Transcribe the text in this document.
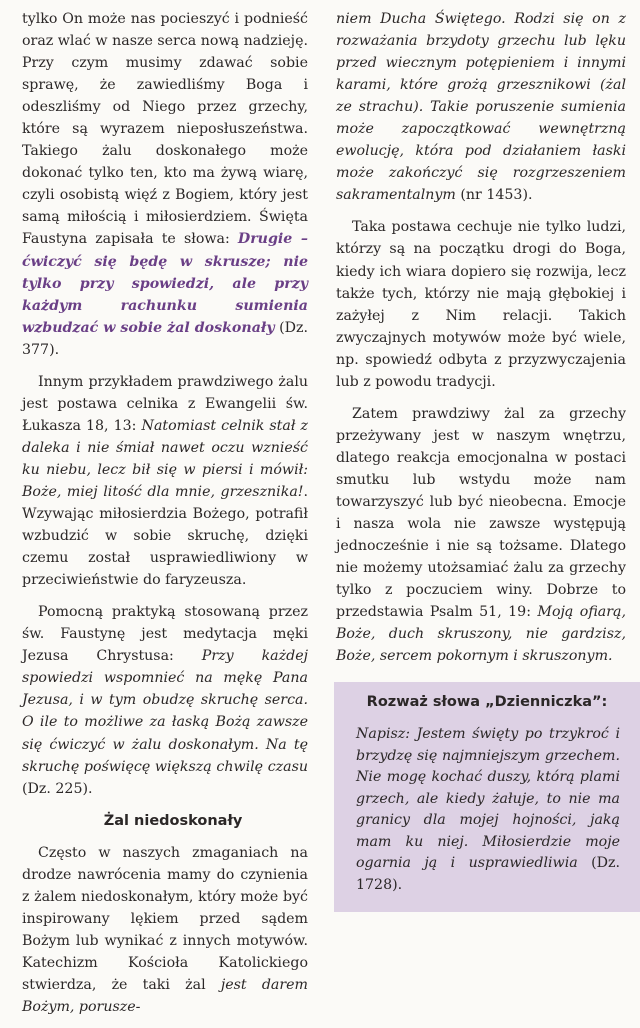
tylko On może nas pocieszyć i podnieść oraz wlać w nasze serca nową nadzieję. Przy czym musimy zdawać sobie sprawę, że zawiedliśmy Boga i odeszliśmy od Niego przez grzechy, które są wyrazem nieposłuszeństwa. Takiego żalu doskonałego może dokonać tylko ten, kto ma żywą wiarę, czyli osobistą więź z Bogiem, który jest samą miłością i miłosierdziem. Święta Faustyna zapisała te słowa: Drugie – ćwiczyć się będę w skrusze; nie tylko przy spowiedzi, ale przy każdym rachunku sumienia wzbudzać w sobie żal doskonały (Dz. 377).

Innym przykładem prawdziwego żalu jest postawa celnika z Ewangelii św. Łukasza 18, 13: Natomiast celnik stał z daleka i nie śmiał nawet oczu wznieść ku niebu, lecz bił się w piersi i mówił: Boże, miej litość dla mnie, grzesznika!. Wzywając miłosierdzia Bożego, potrafił wzbudzić w sobie skruchę, dzięki czemu został usprawiedliwiony w przeciwieństwie do faryzeusza.

Pomocną praktyką stosowaną przez św. Faustynę jest medytacja męki Jezusa Chrystusa: Przy każdej spowiedzi wspomnieć na mękę Pana Jezusa, i w tym obudzę skruchę serca. O ile to możliwe za łaską Bożą zawsze się ćwiczyć w żalu doskonałym. Na tę skruchę poświęcę większą chwilę czasu (Dz. 225).

Żal niedoskonały

Często w naszych zmaganiach na drodze nawrócenia mamy do czynienia z żalem niedoskonałym, który może być inspirowany lękiem przed sądem Bożym lub wynikać z innych motywów. Katechizm Kościoła Katolickiego stwierdza, że taki żal jest darem Bożym, porusze-

niem Ducha Świętego. Rodzi się on z rozważania brzydoty grzechu lub lęku przed wiecznym potępieniem i innymi karami, które grożą grzesznikowi (żal ze strachu). Takie poruszenie sumienia może zapoczątkować wewnętrzną ewolucję, która pod działaniem łaski może zakończyć się rozgrzeszeniem sakramentalnym (nr 1453).

Taka postawa cechuje nie tylko ludzi, którzy są na początku drogi do Boga, kiedy ich wiara dopiero się rozwija, lecz także tych, którzy nie mają głębokiej i zażyłej z Nim relacji. Takich zwyczajnych motywów może być wiele, np. spowiedź odbyta z przyzwyczajenia lub z powodu tradycji.

Zatem prawdziwy żal za grzechy przeżywany jest w naszym wnętrzu, dlatego reakcja emocjonalna w postaci smutku lub wstydu może nam towarzyszyć lub być nieobecna. Emocje i nasza wola nie zawsze występują jednocześnie i nie są tożsame. Dlatego nie możemy utożsamiać żalu za grzechy tylko z poczuciem winy. Dobrze to przedstawia Psalm 51, 19: Moją ofiarą, Boże, duch skruszony, nie gardzisz, Boże, sercem pokornym i skruszonym.

Rozważ słowa „Dzienniczka”:
Napisz: Jestem święty po trzykroć i brzydzę się najmniejszym grzechem. Nie mogę kochać duszy, którą plami grzech, ale kiedy żałuje, to nie ma granicy dla mojej hojności, jaką mam ku niej. Miłosierdzie moje ogarnia ją i usprawiedliwia (Dz. 1728).
